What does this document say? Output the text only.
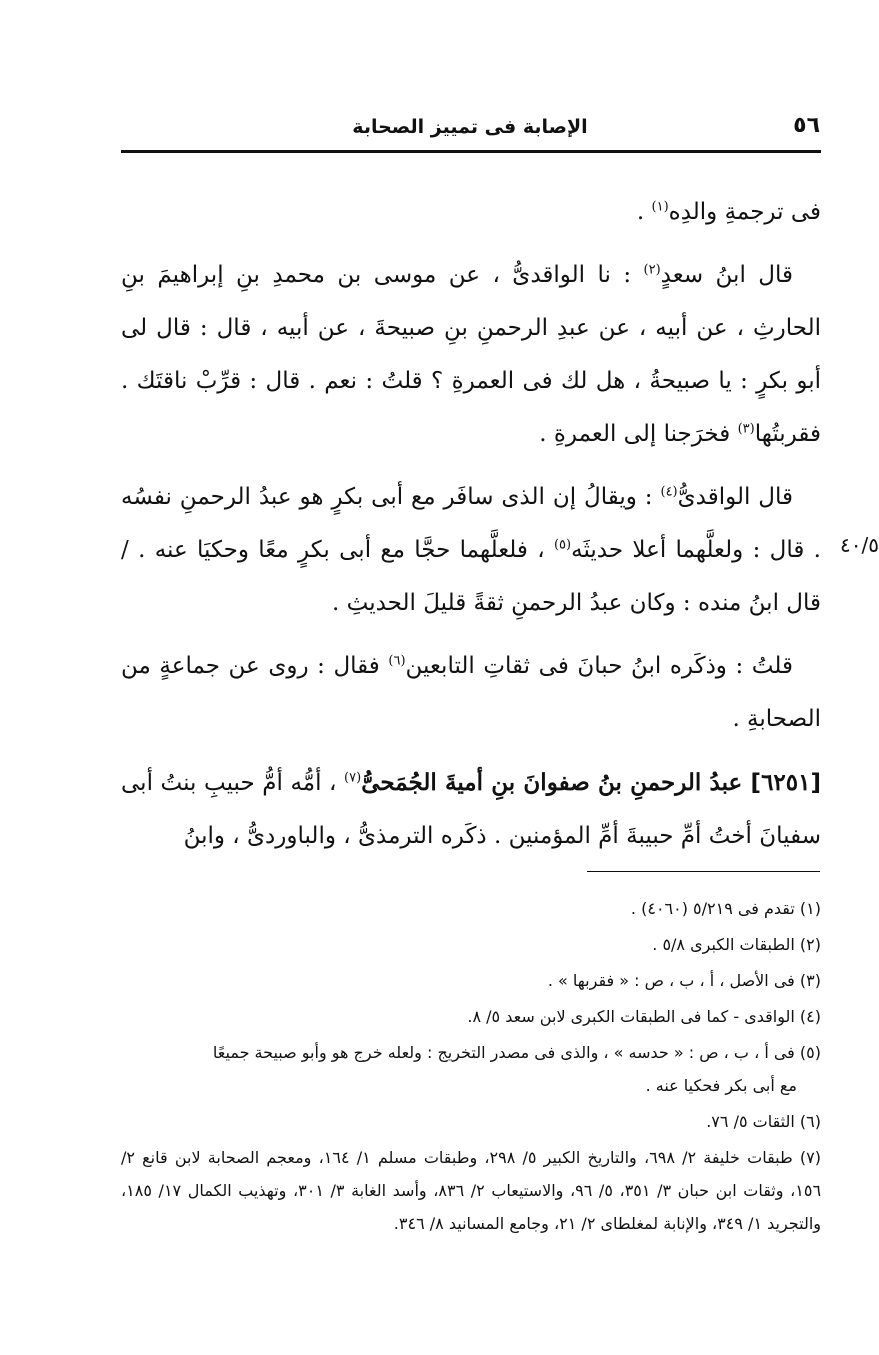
٥٦
الإصابة فى تمييز الصحابة
٤٠/٥

فى ترجمةِ والدِه$^{(١)}$ .

قال ابنُ سعدٍ$^{(٢)}$ : نا الواقدىُّ ، عن موسى بن محمدِ بنِ إبراهيمَ بنِ الحارثِ ، عن أبيه ، عن عبدِ الرحمنِ بنِ صبيحةَ ، عن أبيه ، قال : قال لى أبو بكرٍ : يا صبيحةُ ، هل لك فى العمرةِ ؟ قلتُ : نعم . قال : قرِّبْ ناقتَك . فقربتُها$^{(٣)}$ فخرَجنا إلى العمرةِ .

قال الواقدىُّ$^{(٤)}$ : ويقالُ إن الذى سافَر مع أبى بكرٍ هو عبدُ الرحمنِ نفسُه . قال : ولعلَّهما أعلا حديثَه$^{(٥)}$ ، فلعلَّهما حجَّا مع أبى بكرٍ معًا وحكيَا عنه . /قال ابنُ منده : وكان عبدُ الرحمنِ ثقةً قليلَ الحديثِ .

قلتُ : وذكَره ابنُ حبانَ فى ثقاتِ التابعين$^{(٦)}$ فقال : روى عن جماعةٍ من الصحابةِ .

[٦٢٥١] عبدُ الرحمنِ بنُ صفوانَ بنِ أميةَ الجُمَحىُّ$^{(٧)}$ ، أمُّه أمُّ حبيبِ بنتُ أبى سفيانَ أختُ أمِّ حبيبةَ أمِّ المؤمنين . ذكَره الترمذىُّ ، والباوردىُّ ، وابنُ

(١) تقدم فى ٥/٢١٩ (٤٠٦٠) .

(٢) الطبقات الكبرى ٥/٨ .

(٣) فى الأصل ، أ ، ب ، ص : « فقربها » .

(٤) الواقدى - كما فى الطبقات الكبرى لابن سعد ٥/ ٨.

(٥) فى أ ، ب ، ص : « حدسه » ، والذى فى مصدر التخريج : ولعله خرج هو وأبو صبيحة جميعًا
مع أبى بكر فحكيا عنه .

(٦) الثقات ٥/ ٧٦.

(٧) طبقات خليفة ٢/ ٦٩٨، والتاريخ الكبير ٥/ ٢٩٨، وطبقات مسلم ١/ ١٦٤، ومعجم الصحابة لابن قانع ٢/ ١٥٦، وثقات ابن حبان ٣/ ٣٥١، ٥/ ٩٦، والاستيعاب ٢/ ٨٣٦، وأسد الغابة ٣/ ٣٠١، وتهذيب الكمال ١٧/ ١٨٥، والتجريد ١/ ٣٤٩، والإنابة لمغلطاى ٢/ ٢١، وجامع المسانيد ٨/ ٣٤٦.
